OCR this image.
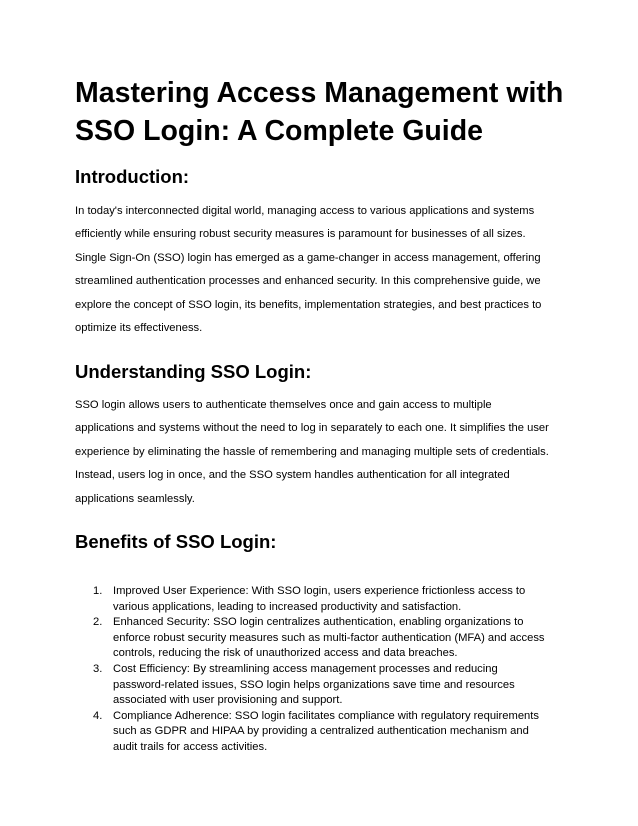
Mastering Access Management with
SSO Login: A Complete Guide
Introduction:
In today's interconnected digital world, managing access to various applications and systems
efficiently while ensuring robust security measures is paramount for businesses of all sizes.
Single Sign-On (SSO) login has emerged as a game-changer in access management, offering
streamlined authentication processes and enhanced security. In this comprehensive guide, we
explore the concept of SSO login, its benefits, implementation strategies, and best practices to
optimize its effectiveness.
Understanding SSO Login:
SSO login allows users to authenticate themselves once and gain access to multiple
applications and systems without the need to log in separately to each one. It simplifies the user
experience by eliminating the hassle of remembering and managing multiple sets of credentials.
Instead, users log in once, and the SSO system handles authentication for all integrated
applications seamlessly.
Benefits of SSO Login:
1. Improved User Experience: With SSO login, users experience frictionless access to
various applications, leading to increased productivity and satisfaction.
2. Enhanced Security: SSO login centralizes authentication, enabling organizations to
enforce robust security measures such as multi-factor authentication (MFA) and access
controls, reducing the risk of unauthorized access and data breaches.
3. Cost Efficiency: By streamlining access management processes and reducing
password-related issues, SSO login helps organizations save time and resources
associated with user provisioning and support.
4. Compliance Adherence: SSO login facilitates compliance with regulatory requirements
such as GDPR and HIPAA by providing a centralized authentication mechanism and
audit trails for access activities.
